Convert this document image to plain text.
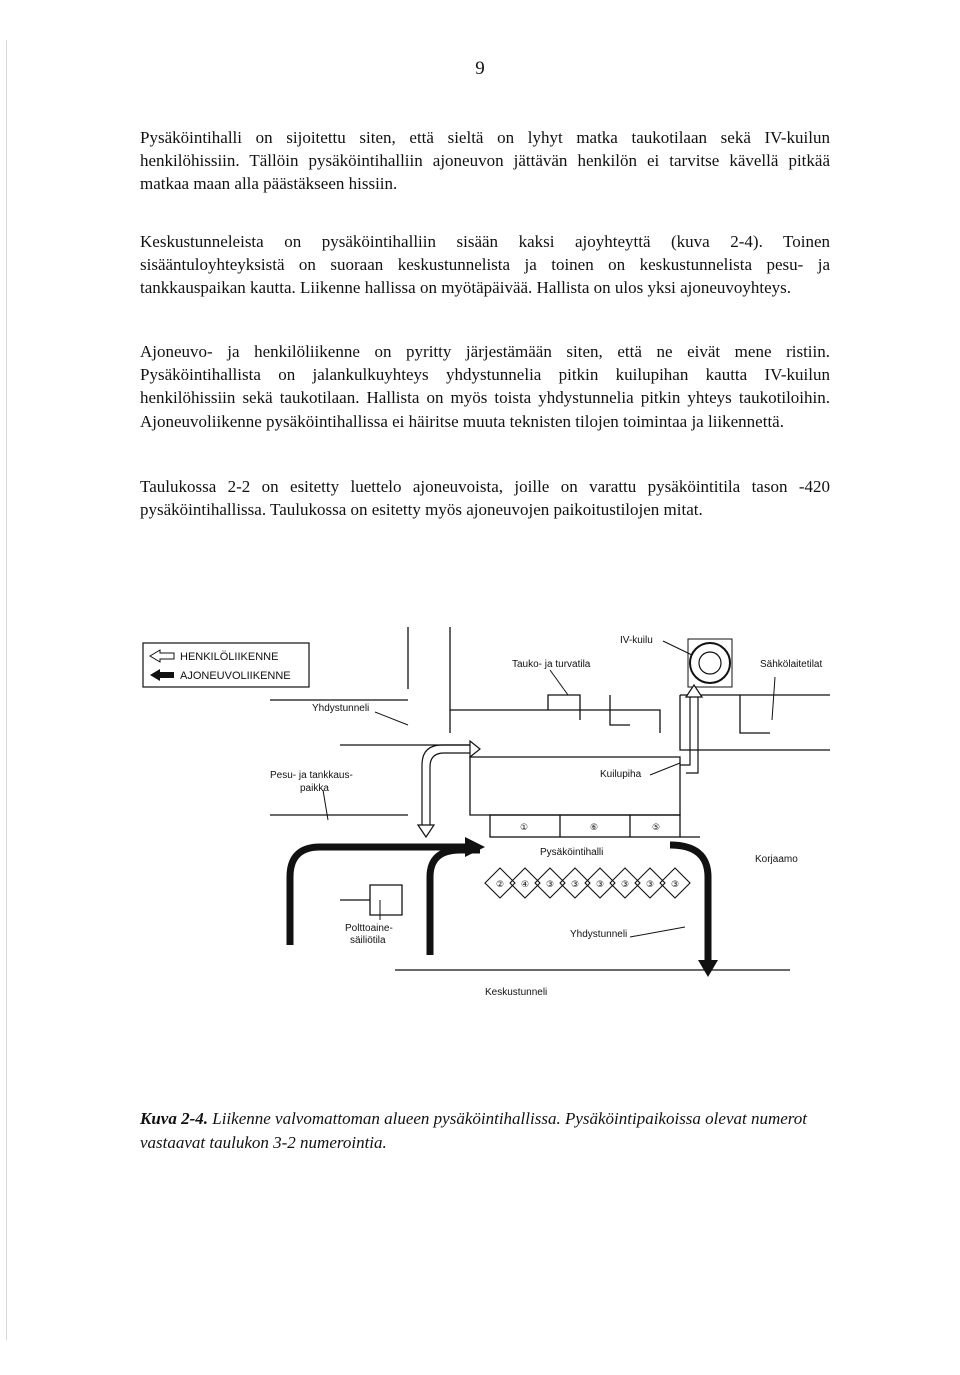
9

Pysäköintihalli on sijoitettu siten, että sieltä on lyhyt matka taukotilaan sekä IV-kuilun henkilöhissiin. Tällöin pysäköintihalliin ajoneuvon jättävän henkilön ei tarvitse kävellä pitkää matkaa maan alla päästäkseen hissiin.

Keskustunneleista on pysäköintihalliin sisään kaksi ajoyhteyttä (kuva 2-4). Toinen sisääntuloyhteyksistä on suoraan keskustunnelista ja toinen on keskustunnelista pesu- ja tankkauspaikan kautta. Liikenne hallissa on myötäpäivää. Hallista on ulos yksi ajoneuvoyhteys.

Ajoneuvo- ja henkilöliikenne on pyritty järjestämään siten, että ne eivät mene ristiin. Pysäköintihallista on jalankulkuyhteys yhdystunnelia pitkin kuilupihan kautta IV-kuilun henkilöhissiin sekä taukotilaan. Hallista on myös toista yhdystunnelia pitkin yhteys taukotiloihin. Ajoneuvoliikenne pysäköintihallissa ei häiritse muuta teknisten tilojen toimintaa ja liikennettä.

Taulukossa 2-2 on esitetty luettelo ajoneuvoista, joille on varattu pysäköintitila tason -420 pysäköintihallissa. Taulukossa on esitetty myös ajoneuvojen paikoitustilojen mitat.

HENKILÖLIIKENNE
AJONEUVOLIIKENNE
①	⑥	⑤
② ④ ③ ③ ③ ③ ③ ③
IV-kuilu
Tauko- ja turvatila	Sähkölaitetilat
Yhdystunneli
Pesu- ja tankkaus-
paikka
Kuilupiha
Pysäköintihalli
Korjaamo
Polttoaine-
säiliötila
Yhdystunneli
Keskustunneli

Kuva 2-4. Liikenne valvomattoman alueen pysäköintihallissa. Pysäköintipaikoissa olevat numerot vastaavat taulukon 3-2 numerointia.
